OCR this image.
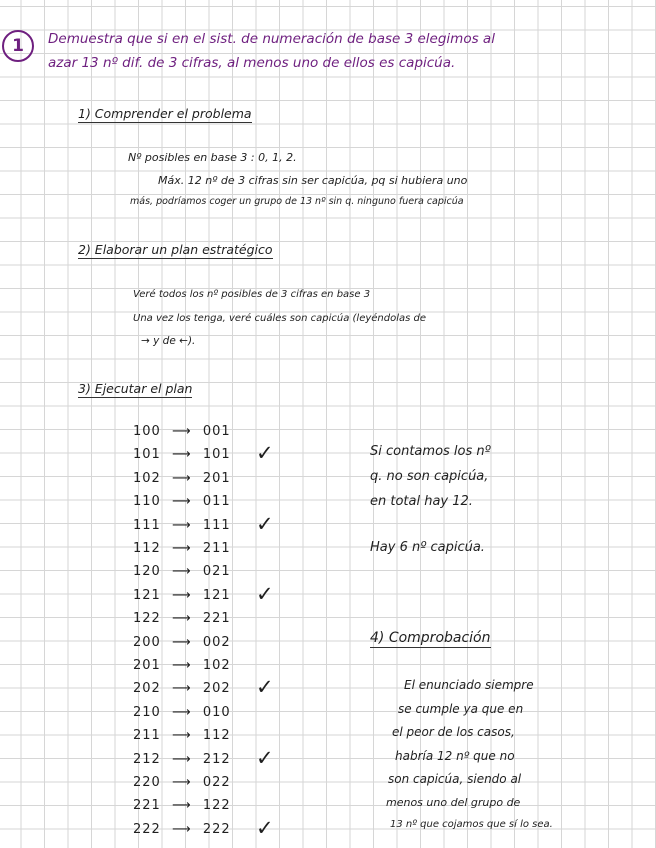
1	Demuestra que si en el sist. de numeración de base 3 elegimos al
azar 13 nº dif. de 3 cifras, al menos uno de ellos es capicúa.
1) Comprender el problema
Nº posibles en base 3 : 0, 1, 2.
Máx. 12 nº de 3 cifras sin ser capicúa, pq si hubiera uno
más, podríamos coger un grupo de 13 nº sin q. ninguno fuera capicúa
2) Elaborar un plan estratégico
Veré todos los nº posibles de 3 cifras en base 3
Una vez los tenga, veré cuáles son capicúa (leyéndolas de
→ y de ←).
3) Ejecutar el plan
100 ⟶ 001
101 ⟶ 101 ✓
102 ⟶ 201
110 ⟶ 011
111 ⟶ 111 ✓
112 ⟶ 211
120 ⟶ 021
121 ⟶ 121 ✓
122 ⟶ 221
200 ⟶ 002
201 ⟶ 102
202 ⟶ 202 ✓
210 ⟶ 010
211 ⟶ 112
212 ⟶ 212 ✓
220 ⟶ 022
221 ⟶ 122
222 ⟶ 222 ✓
Si contamos los nº
q. no son capicúa,
en total hay 12.
Hay 6 nº capicúa.
4) Comprobación
El enunciado siempre
se cumple ya que en
el peor de los casos,
habría 12 nº que no
son capicúa, siendo al
menos uno del grupo de
13 nº que cojamos que sí lo sea.
